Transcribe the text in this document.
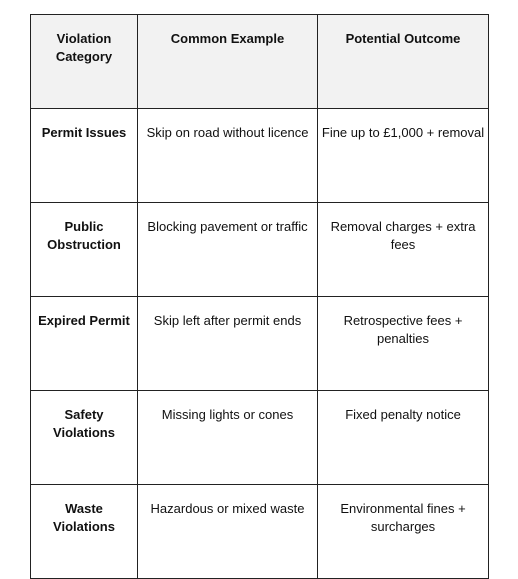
Violation Category	Common Example	Potential Outcome
Permit Issues	Skip on road without licence	Fine up to £1,000 + removal
Public Obstruction	Blocking pavement or traffic	Removal charges + extra fees
Expired Permit	Skip left after permit ends	Retrospective fees + penalties
Safety Violations	Missing lights or cones	Fixed penalty notice
Waste Violations	Hazardous or mixed waste	Environmental fines + surcharges
